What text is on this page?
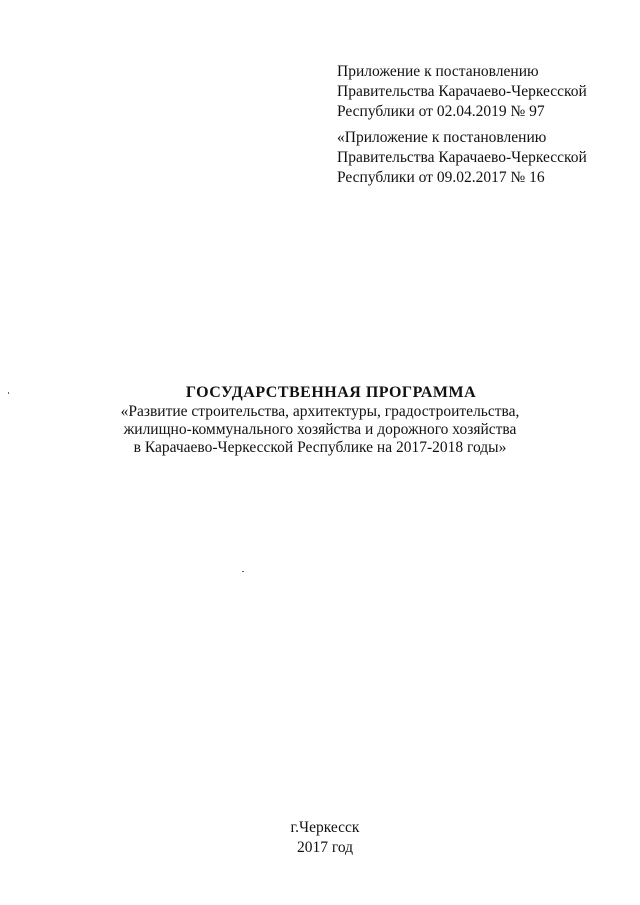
Приложение к постановлению
Правительства Карачаево-Черкесской
Республики от 02.04.2019 № 97
«Приложение к постановлению
Правительства Карачаево-Черкесской
Республики от 09.02.2017 № 16
ГОСУДАРСТВЕННАЯ ПРОГРАММА
«Развитие строительства, архитектуры, градостроительства,
жилищно-коммунального хозяйства и дорожного хозяйства
в Карачаево-Черкесской Республике на 2017-2018 годы»
г.Черкесск
2017 год
